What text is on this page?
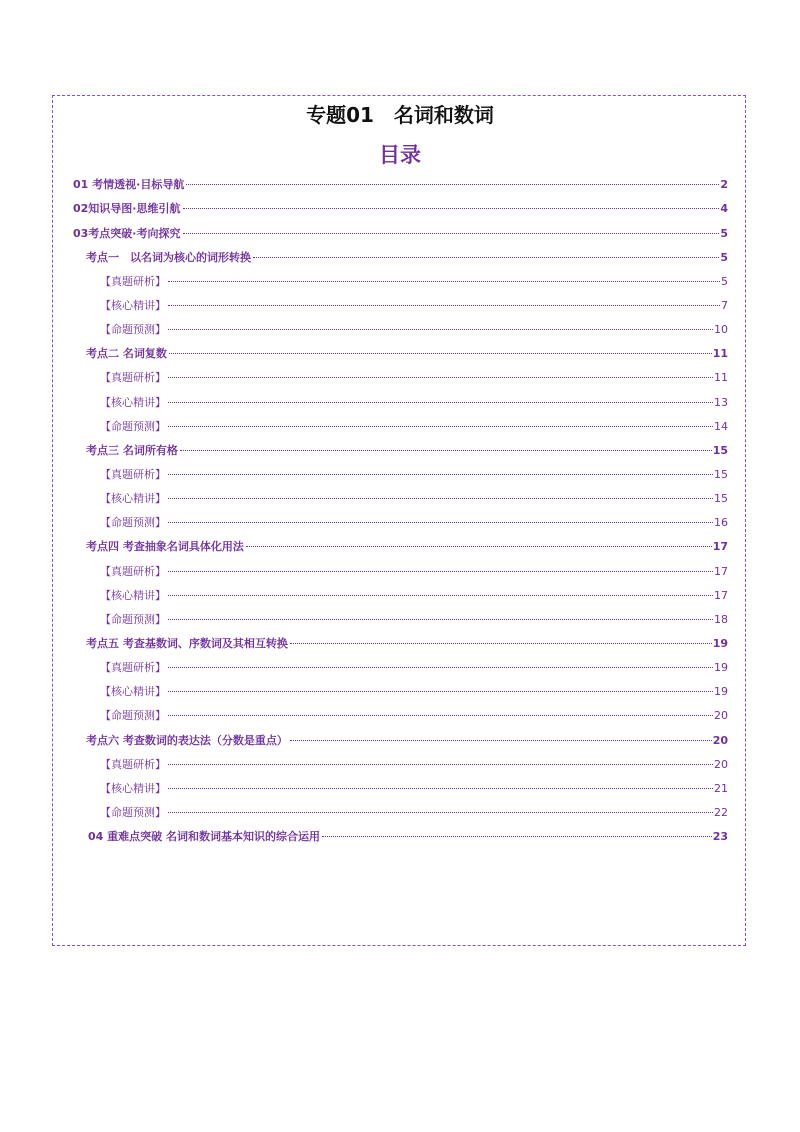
专题01　名词和数词
目录
01 考情透视·目标导航	2
02知识导图·思维引航	4
03考点突破·考向探究	5
考点一　以名词为核心的词形转换	5
【真题研析】	5
【核心精讲】	7
【命题预测】	10
考点二 名词复数	11
【真题研析】	11
【核心精讲】	13
【命题预测】	14
考点三 名词所有格	15
【真题研析】	15
【核心精讲】	15
【命题预测】	16
考点四 考查抽象名词具体化用法	17
【真题研析】	17
【核心精讲】	17
【命题预测】	18
考点五 考查基数词、序数词及其相互转换	19
【真题研析】	19
【核心精讲】	19
【命题预测】	20
考点六 考查数词的表达法（分数是重点）	20
【真题研析】	20
【核心精讲】	21
【命题预测】	22
04 重难点突破 名词和数词基本知识的综合运用	23
